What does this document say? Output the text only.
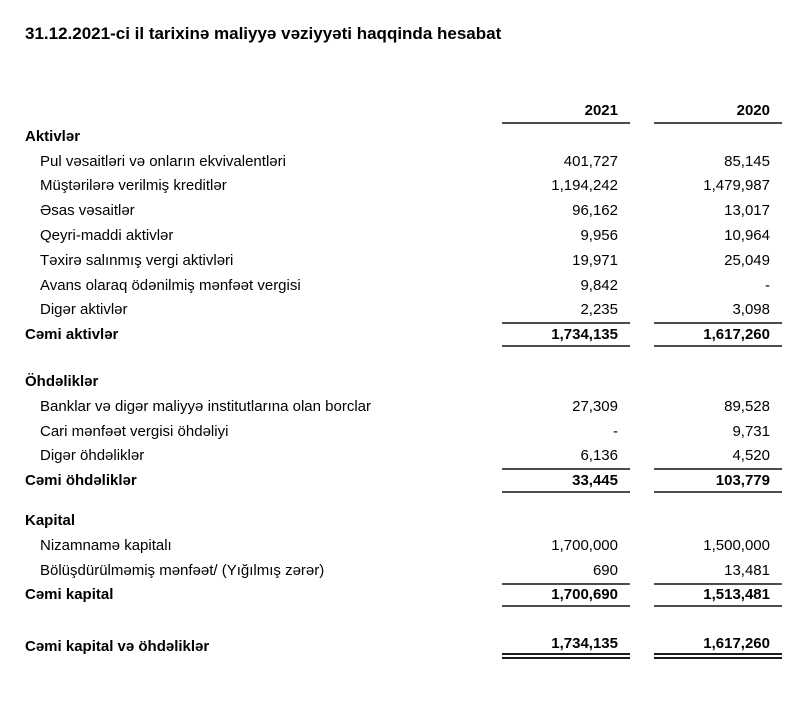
31.12.2021-ci il tarixinə maliyyə vəziyyəti haqqinda hesabat
2021	2020
Aktivlər
Pul vəsaitləri və onların ekvivalentləri	401,727	85,145
Müştərilərə verilmiş kreditlər	1,194,242	1,479,987
Əsas vəsaitlər	96,162	13,017
Qeyri-maddi aktivlər	9,956	10,964
Təxirə salınmış vergi aktivləri	19,971	25,049
Avans olaraq ödənilmiş mənfəət vergisi	9,842	-
Digər aktivlər	2,235	3,098
Cəmi aktivlər	1,734,135	1,617,260
Öhdəliklər
Banklar və digər maliyyə institutlarına olan borclar	27,309	89,528
Cari mənfəət vergisi öhdəliyi	-	9,731
Digər öhdəliklər	6,136	4,520
Cəmi öhdəliklər	33,445	103,779
Kapital
Nizamnamə kapitalı	1,700,000	1,500,000
Bölüşdürülməmiş mənfəət/ (Yığılmış zərər)	690	13,481
Cəmi kapital	1,700,690	1,513,481
Cəmi kapital və öhdəliklər	1,734,135	1,617,260
